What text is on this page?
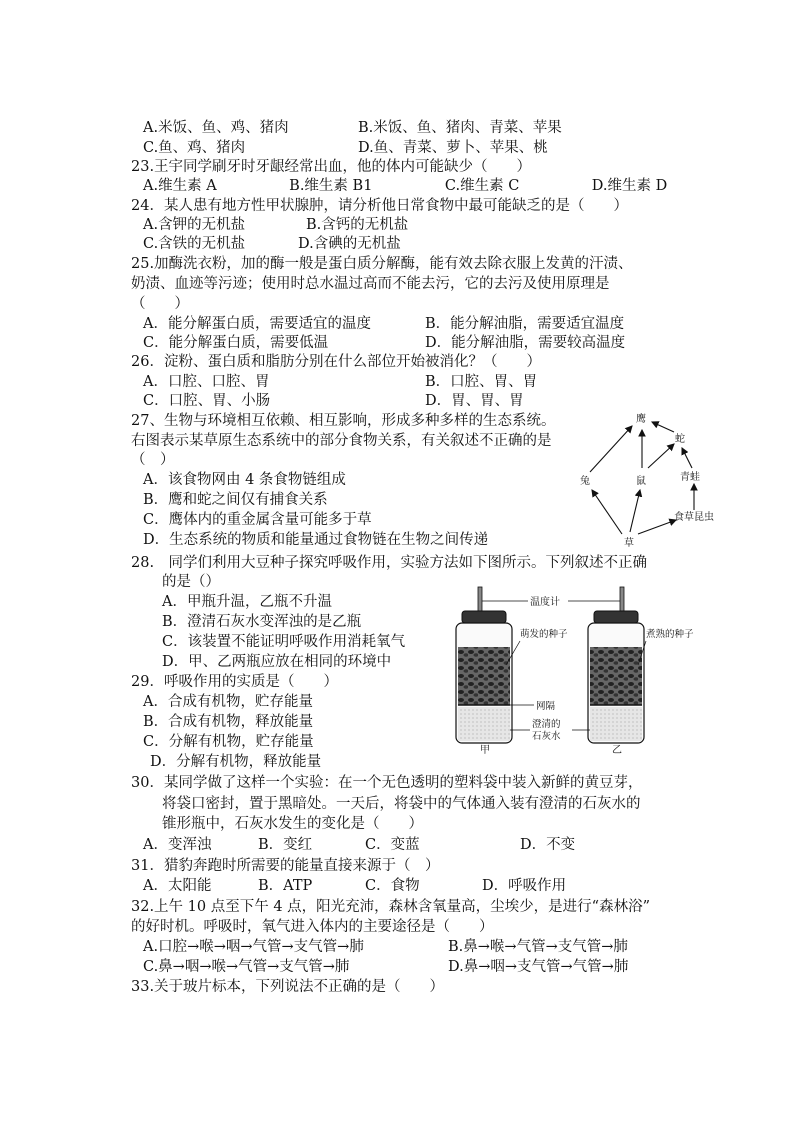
A.米饭、鱼、鸡、猪肉	B.米饭、鱼、猪肉、青菜、苹果
C.鱼、鸡、猪肉	D.鱼、青菜、萝卜、苹果、桃
23.王宇同学刷牙时牙龈经常出血，他的体内可能缺少（　　）
A.维生素 A　　　　　B.维生素 B1　　　　　C.维生素 C　　　　　D.维生素 D
24．某人患有地方性甲状腺肿，请分析他日常食物中最可能缺乏的是（　　）
A.含钾的无机盐	B.含钙的无机盐
C.含铁的无机盐	D.含碘的无机盐
25.加酶洗衣粉，加的酶一般是蛋白质分解酶，能有效去除衣服上发黄的汗渍、
奶渍、血迹等污迹；使用时总水温过高而不能去污，它的去污及使用原理是
（　　）
A．能分解蛋白质，需要适宜的温度	B．能分解油脂，需要适宜温度
C．能分解蛋白质，需要低温	D．能分解油脂，需要较高温度
26．淀粉、蛋白质和脂肪分别在什么部位开始被消化？（　　）
A．口腔、口腔、胃	B．口腔、胃、胃
C．口腔、胃、小肠	D．胃、胃、胃
27、生物与环境相互依赖、相互影响，形成多种多样的生态系统。
右图表示某草原生态系统中的部分食物关系，有关叙述不正确的是
（　）
A．该食物网由 4 条食物链组成
B．鹰和蛇之间仅有捕食关系
C．鹰体内的重金属含量可能多于草
D．生态系统的物质和能量通过食物链在生物之间传递
鹰
蛇
青蛙
兔	鼠
食草昆虫
草
28.　同学们利用大豆种子探究呼吸作用，实验方法如下图所示。下列叙述不正确
的是（）
A．甲瓶升温，乙瓶不升温
B．澄清石灰水变浑浊的是乙瓶
C．该装置不能证明呼吸作用消耗氧气
D．甲、乙两瓶应放在相同的环境中
温度计
萌发的种子	煮熟的种子
网隔
澄清的
石灰水
甲	乙
29．呼吸作用的实质是（　　）
A．合成有机物，贮存能量
B．合成有机物，释放能量
C．分解有机物，贮存能量
D．分解有机物，释放能量
30．某同学做了这样一个实验：在一个无色透明的塑料袋中装入新鲜的黄豆芽，
将袋口密封，置于黑暗处。一天后，将袋中的气体通入装有澄清的石灰水的
锥形瓶中，石灰水发生的变化是（　　）
A．变浑浊	B．变红	C．变蓝	D．不变
31．猎豹奔跑时所需要的能量直接来源于（　）
A．太阳能	B．ATP	C．食物	D．呼吸作用
32.上午 10 点至下午 4 点，阳光充沛，森林含氧量高，尘埃少，是进行“森林浴”
的好时机。呼吸时，氧气进入体内的主要途径是（　　）
A.口腔→喉→咽→气管→支气管→肺	B.鼻→喉→气管→支气管→肺
C.鼻→咽→喉→气管→支气管→肺	D.鼻→咽→支气管→气管→肺
33.关于玻片标本，下列说法不正确的是（　　）
